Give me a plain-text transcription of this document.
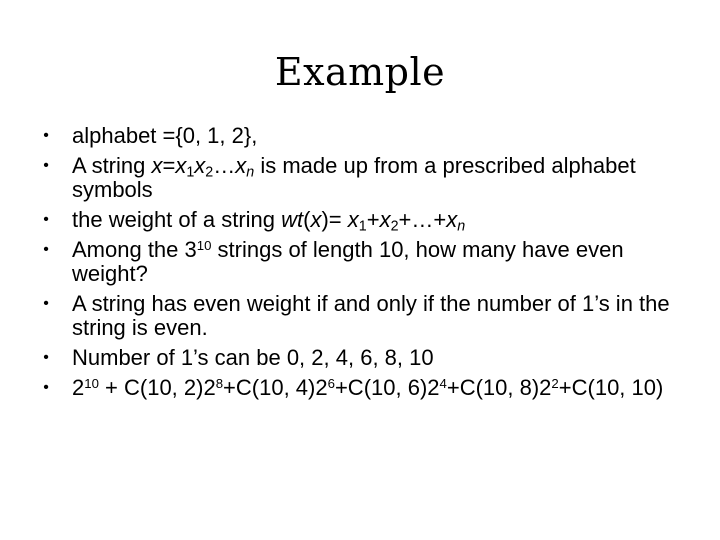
Example
•	alphabet ={0, 1, 2},
•	A string $x=x_1x_2\dots x_n$ is made up from a prescribed alphabet symbols
•	the weight of a string $wt(x)= x_1+x_2+\dots+x_n$
•	Among the $3^{10}$ strings of length 10, how many have even weight?
•	A string has even weight if and only if the number of 1’s in the string is even.
•	Number of 1’s can be 0, 2, 4, 6, 8, 10
•	$2^{10} + C(10$, $2)2^8+C(10$, $4)2^6+C(10$, $6)2^4+C(10$, $8)2^2+C(10$, 10)
